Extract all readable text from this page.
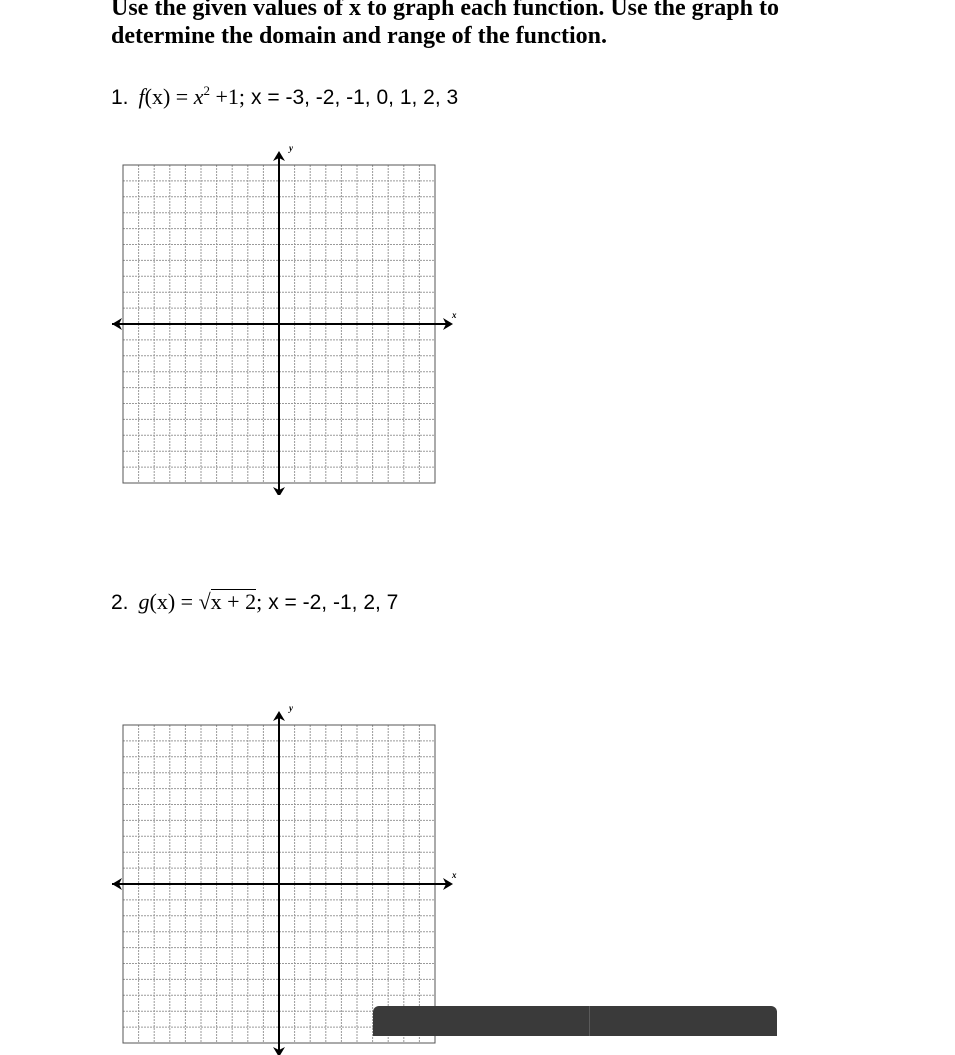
Use the given values of x to graph each function. Use the graph to
determine the domain and range of the function.
1. $f(x) = x^2 +1$; x = -3, -2, -1, 0, 1, 2, 3
y
x
2. g(x) = √x + 2; x = -2, -1, 2, 7
y
x
